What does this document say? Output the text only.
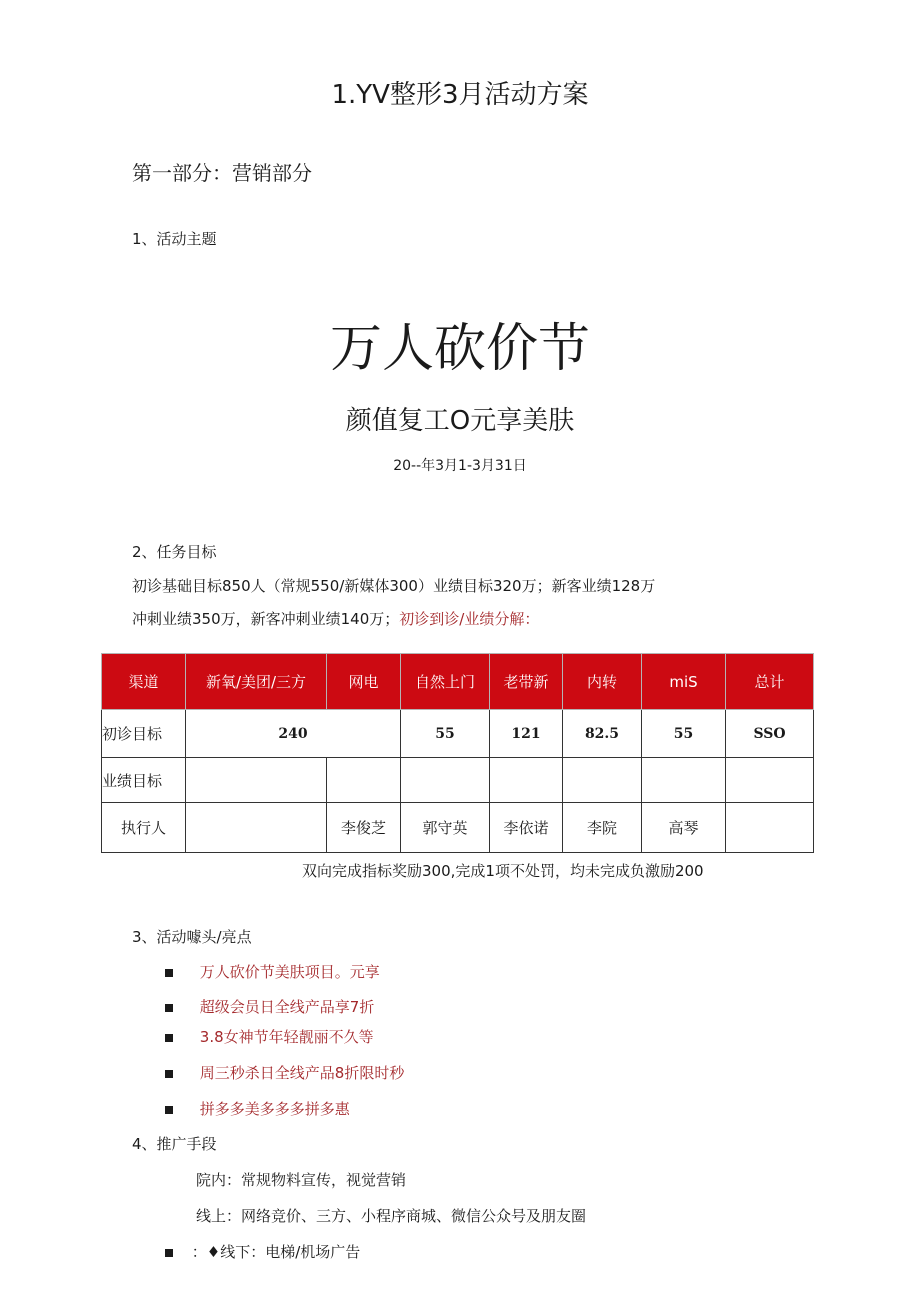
1.YV整形3月活动方案
第一部分：营销部分
1、活动主题
万人砍价节
颜值复工O元享美肤
20--年3月1-3月31日
2、任务目标
初诊基础目标850人（常规550/新媒体300）业绩目标320万；新客业绩128万
冲刺业绩350万，新客冲刺业绩140万；初诊到诊/业绩分解：
渠道	新氧/美团/三方	网电	自然上门	老带新	内转	miS	总计
初诊目标	240		55	121	82.5	55	SSO
业绩目标							
执行人		李俊芝	郭守英	李依诺	李院	高琴	
双向完成指标奖励300,完成1项不处罚，均未完成负激励200
3、活动噱头/亮点
万人砍价节美肤项目。元享
超级会员日全线产品享7折
3.8女神节年轻靓丽不久等
周三秒杀日全线产品8折限时秒
拼多多美多多多拼多惠
4、推广手段
院内：常规物料宣传，视觉营销
线上：网络竞价、三方、小程序商城、微信公众号及朋友圈
：♦线下：电梯/机场广告
